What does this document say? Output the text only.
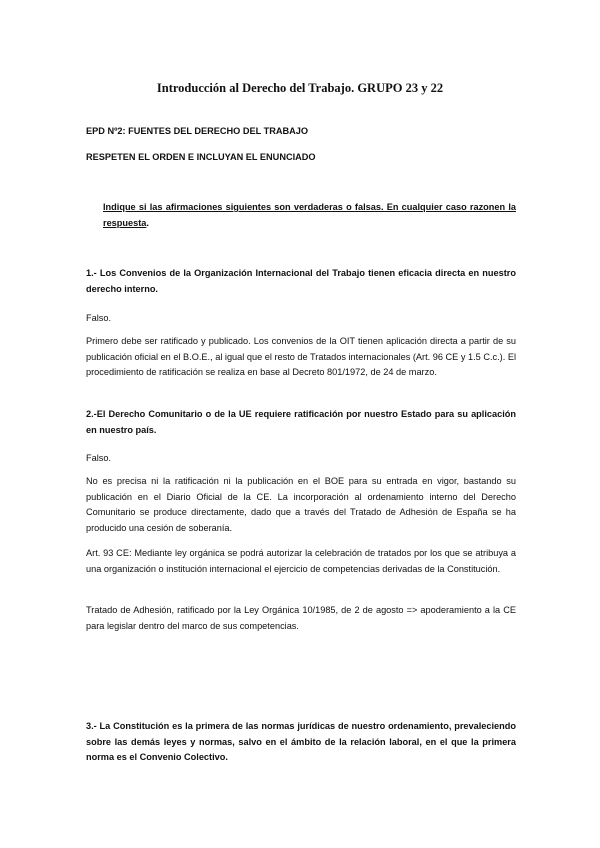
Introducción al Derecho del Trabajo. GRUPO 23 y 22
EPD Nº2: FUENTES DEL DERECHO DEL TRABAJO
RESPETEN EL ORDEN E INCLUYAN EL ENUNCIADO
Indique si las afirmaciones siguientes son verdaderas o falsas. En cualquier caso razonen la respuesta.
1.- Los Convenios de la Organización Internacional del Trabajo tienen eficacia directa en nuestro derecho interno.
Falso.
Primero debe ser ratificado y publicado. Los convenios de la OIT tienen aplicación directa a partir de su publicación oficial en el B.O.E., al igual que el resto de Tratados internacionales (Art. 96 CE y 1.5 C.c.). El procedimiento de ratificación se realiza en base al Decreto 801/1972, de 24 de marzo.
2.-El Derecho Comunitario o de la UE requiere ratificación por nuestro Estado para su aplicación en nuestro país.
Falso.
No es precisa ni la ratificación ni la publicación en el BOE para su entrada en vigor, bastando su publicación en el Diario Oficial de la CE. La incorporación al ordenamiento interno del Derecho Comunitario se produce directamente, dado que a través del Tratado de Adhesión de España se ha producido una cesión de soberanía.
Art. 93 CE: Mediante ley orgánica se podrá autorizar la celebración de tratados por los que se atribuya a una organización o institución internacional el ejercicio de competencias derivadas de la Constitución.
Tratado de Adhesión, ratificado por la Ley Orgánica 10/1985, de 2 de agosto => apoderamiento a la CE para legislar dentro del marco de sus competencias.
3.- La Constitución es la primera de las normas jurídicas de nuestro ordenamiento, prevaleciendo sobre las demás leyes y normas, salvo en el ámbito de la relación laboral, en el que la primera norma es el Convenio Colectivo.
